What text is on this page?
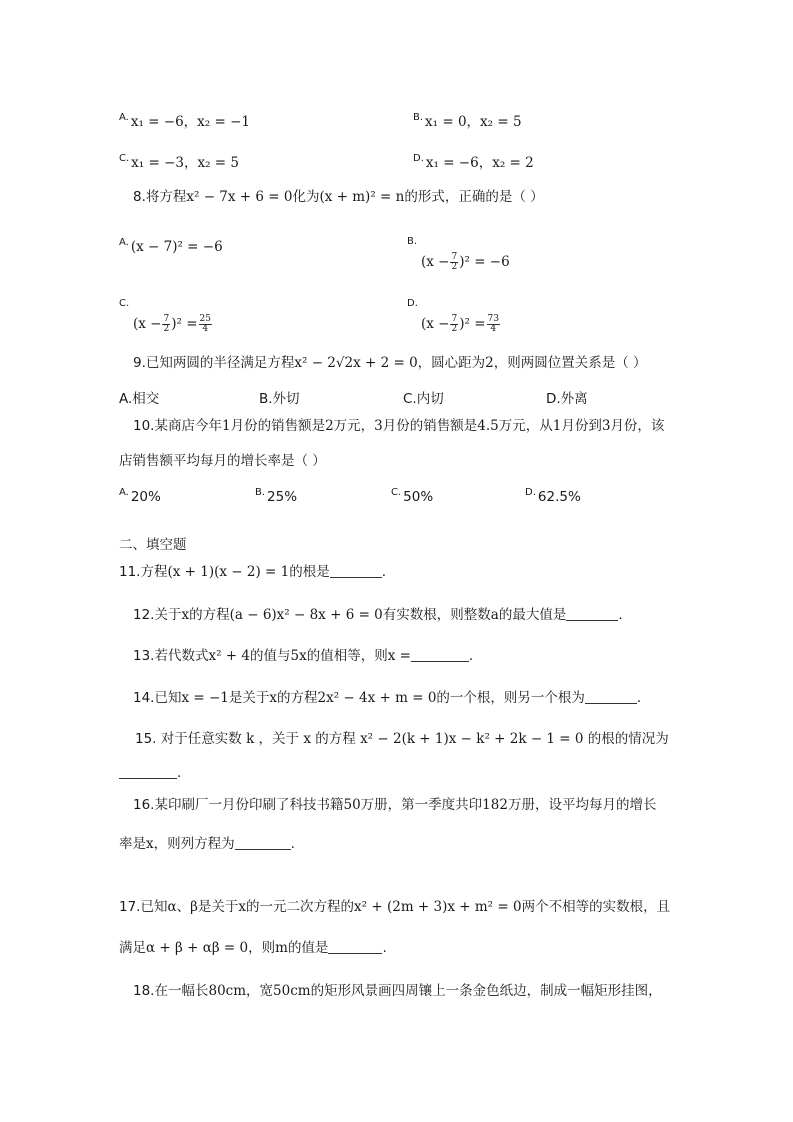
$^{A.}$ x₁ = −6，x₂ = −1	$^{B.}$ x₁ = 0，x₂ = 5
$^{C.}$ x₁ = −3，x₂ = 5	$^{D.}$ x₁ = −6，x₂ = 2
8.将方程x² − 7x + 6 = 0化为(x + m)² = n的形式，正确的是（ ）
$^{A.}$ (x − 7)² = −6	B.
$(x - \frac{7}{2} )^2 = -6$
C.
$(x - \frac{7}{2} )^2 = \frac{25}{4}$
D.
$(x - \frac{7}{2} )^2 = \frac{73}{4}$
9.已知两圆的半径满足方程x² − 2√2x + 2 = 0，圆心距为2，则两圆位置关系是（ ）
A.相交	B.外切	C.内切	D.外离
10.某商店今年1月份的销售额是2万元，3月份的销售额是4.5万元，从1月份到3月份，该
店销售额平均每月的增长率是（ ）
$^{A.}$ 20%	$^{B.}$ 25%	$^{C.}$ 50%	$^{D.}$ 62.5%
二、填空题
11.方程(x + 1)(x − 2) = 1的根是	.
12.关于x的方程(a − 6)x² − 8x + 6 = 0有实数根，则整数a的最大值是	.
13.若代数式x² + 4的值与5x的值相等，则x =	.
14.已知x = −1是关于x的方程2x² − 4x + m = 0的一个根，则另一个根为	.
15. 对于任意实数 k ，关于 x 的方程 x² − 2(k + 1)x − k² + 2k − 1 = 0 的根的情况为
.
16.某印刷厂一月份印刷了科技书籍50万册，第一季度共印182万册，设平均每月的增长
率是x，则列方程为	.
17.已知α、β是关于x的一元二次方程的x² + (2m + 3)x + m² = 0两个不相等的实数根，且
满足α + β + αβ = 0，则m的值是	.
18.在一幅长80cm，宽50cm的矩形风景画四周镶上一条金色纸边，制成一幅矩形挂图，
